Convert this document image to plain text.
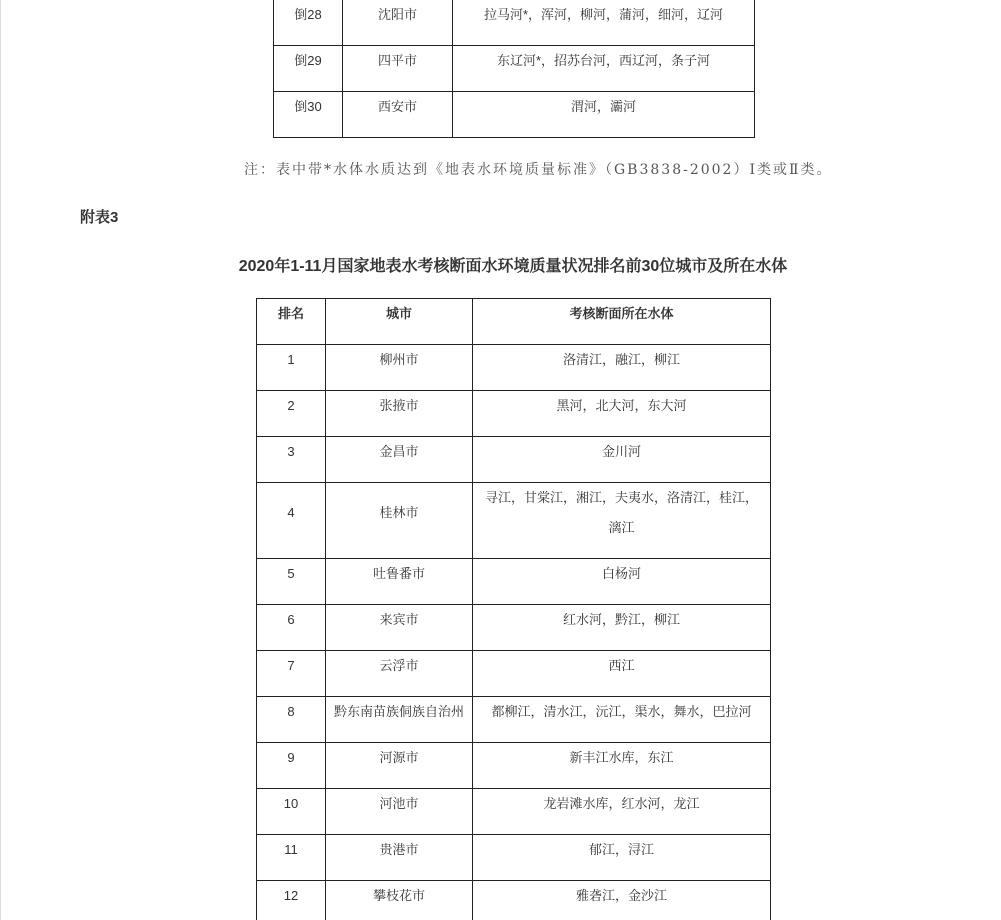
倒28	沈阳市	拉马河*，浑河，柳河，蒲河，细河，辽河
倒29	四平市	东辽河*，招苏台河，西辽河，条子河
倒30	西安市	渭河，灞河
注：表中带*水体水质达到《地表水环境质量标准》（GB3838-2002）Ⅰ类或Ⅱ类。
附表3
2020年1-11月国家地表水考核断面水环境质量状况排名前30位城市及所在水体
排名	城市	考核断面所在水体
1	柳州市	洛清江，融江，柳江
2	张掖市	黑河，北大河，东大河
3	金昌市	金川河
4	桂林市	寻江，甘棠江，湘江，夫夷水，洛清江，桂江，漓江
5	吐鲁番市	白杨河
6	来宾市	红水河，黔江，柳江
7	云浮市	西江
8	黔东南苗族侗族自治州	都柳江，清水江，沅江，渠水，舞水，巴拉河
9	河源市	新丰江水库，东江
10	河池市	龙岩滩水库，红水河，龙江
11	贵港市	郁江，浔江
12	攀枝花市	雅砻江，金沙江
